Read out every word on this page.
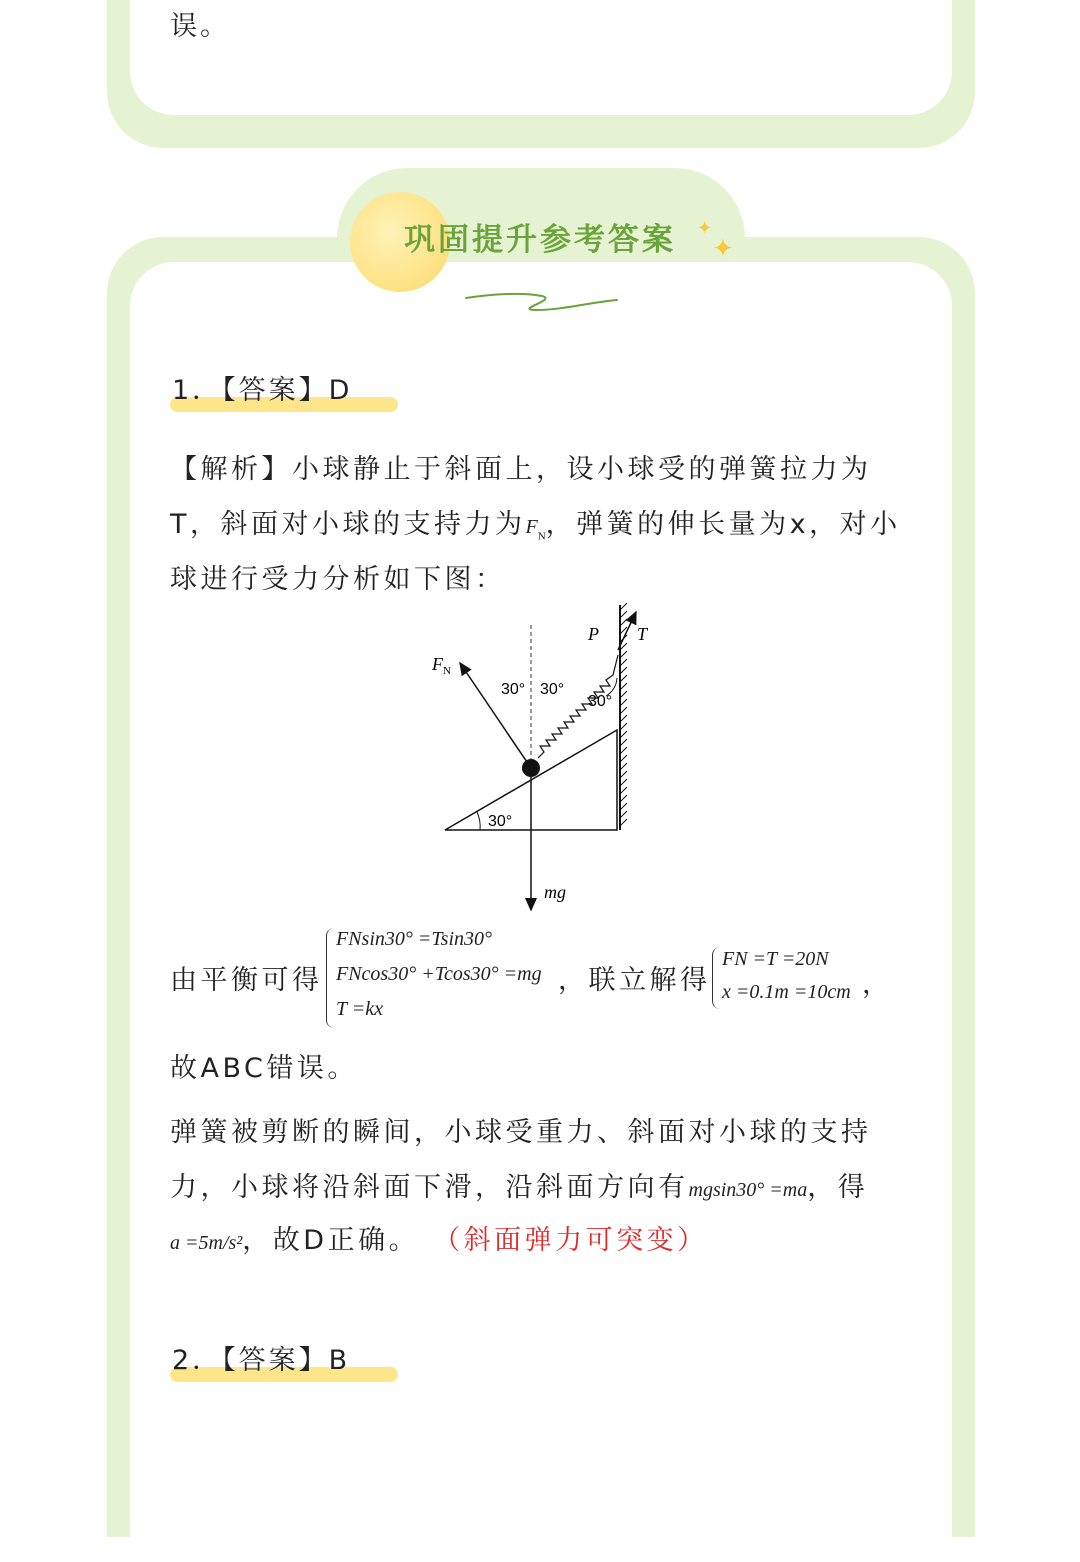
误。
巩固提升参考答案	✦
✦
1．【答案】D
【解析】小球静止于斜面上，设小球受的弹簧拉力为
T，斜面对小球的支持力为$F_N$，弹簧的伸长量为x，对小
球进行受力分析如下图：
$F_N$
30° 30°
30°
30°
P T
mg
由平衡可得
FNsin30° =Tsin30°
FNcos30° +Tcos30° =mg
T =kx
，联立解得
FN =T =20N
x =0.1m =10cm ，
故ABC错误。
弹簧被剪断的瞬间，小球受重力、斜面对小球的支持
力，小球将沿斜面下滑，沿斜面方向有mgsin30° =ma，得
a =5m/s²，故D正确。 （斜面弹力可突变）
2．【答案】B
